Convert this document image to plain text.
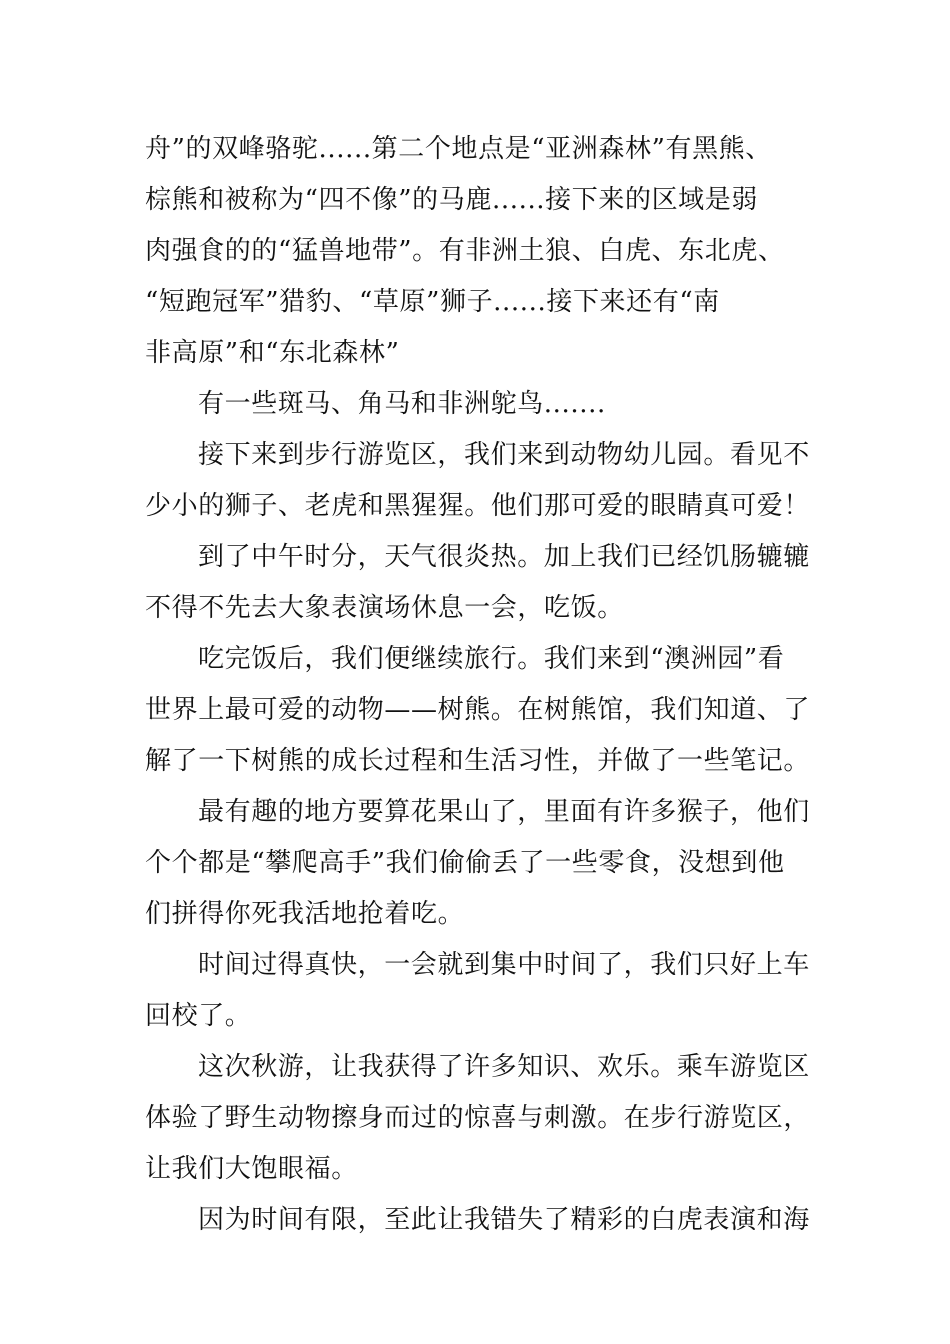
舟”的双峰骆驼......第二个地点是“亚洲森林”有黑熊、
棕熊和被称为“四不像”的马鹿......接下来的区域是弱
肉强食的的“猛兽地带”。有非洲土狼、白虎、东北虎、
“短跑冠军”猎豹、“草原”狮子......接下来还有“南
非高原”和“东北森林”
有一些斑马、角马和非洲鸵鸟.......
接下来到步行游览区，我们来到动物幼儿园。看见不
少小的狮子、老虎和黑猩猩。他们那可爱的眼睛真可爱！
到了中午时分，天气很炎热。加上我们已经饥肠辘辘
不得不先去大象表演场休息一会，吃饭。
吃完饭后，我们便继续旅行。我们来到“澳洲园”看
世界上最可爱的动物——树熊。在树熊馆，我们知道、了
解了一下树熊的成长过程和生活习性，并做了一些笔记。
最有趣的地方要算花果山了，里面有许多猴子，他们
个个都是“攀爬高手”我们偷偷丢了一些零食，没想到他
们拼得你死我活地抢着吃。
时间过得真快，一会就到集中时间了，我们只好上车
回校了。
这次秋游，让我获得了许多知识、欢乐。乘车游览区
体验了野生动物擦身而过的惊喜与刺激。在步行游览区，
让我们大饱眼福。
因为时间有限，至此让我错失了精彩的白虎表演和海
